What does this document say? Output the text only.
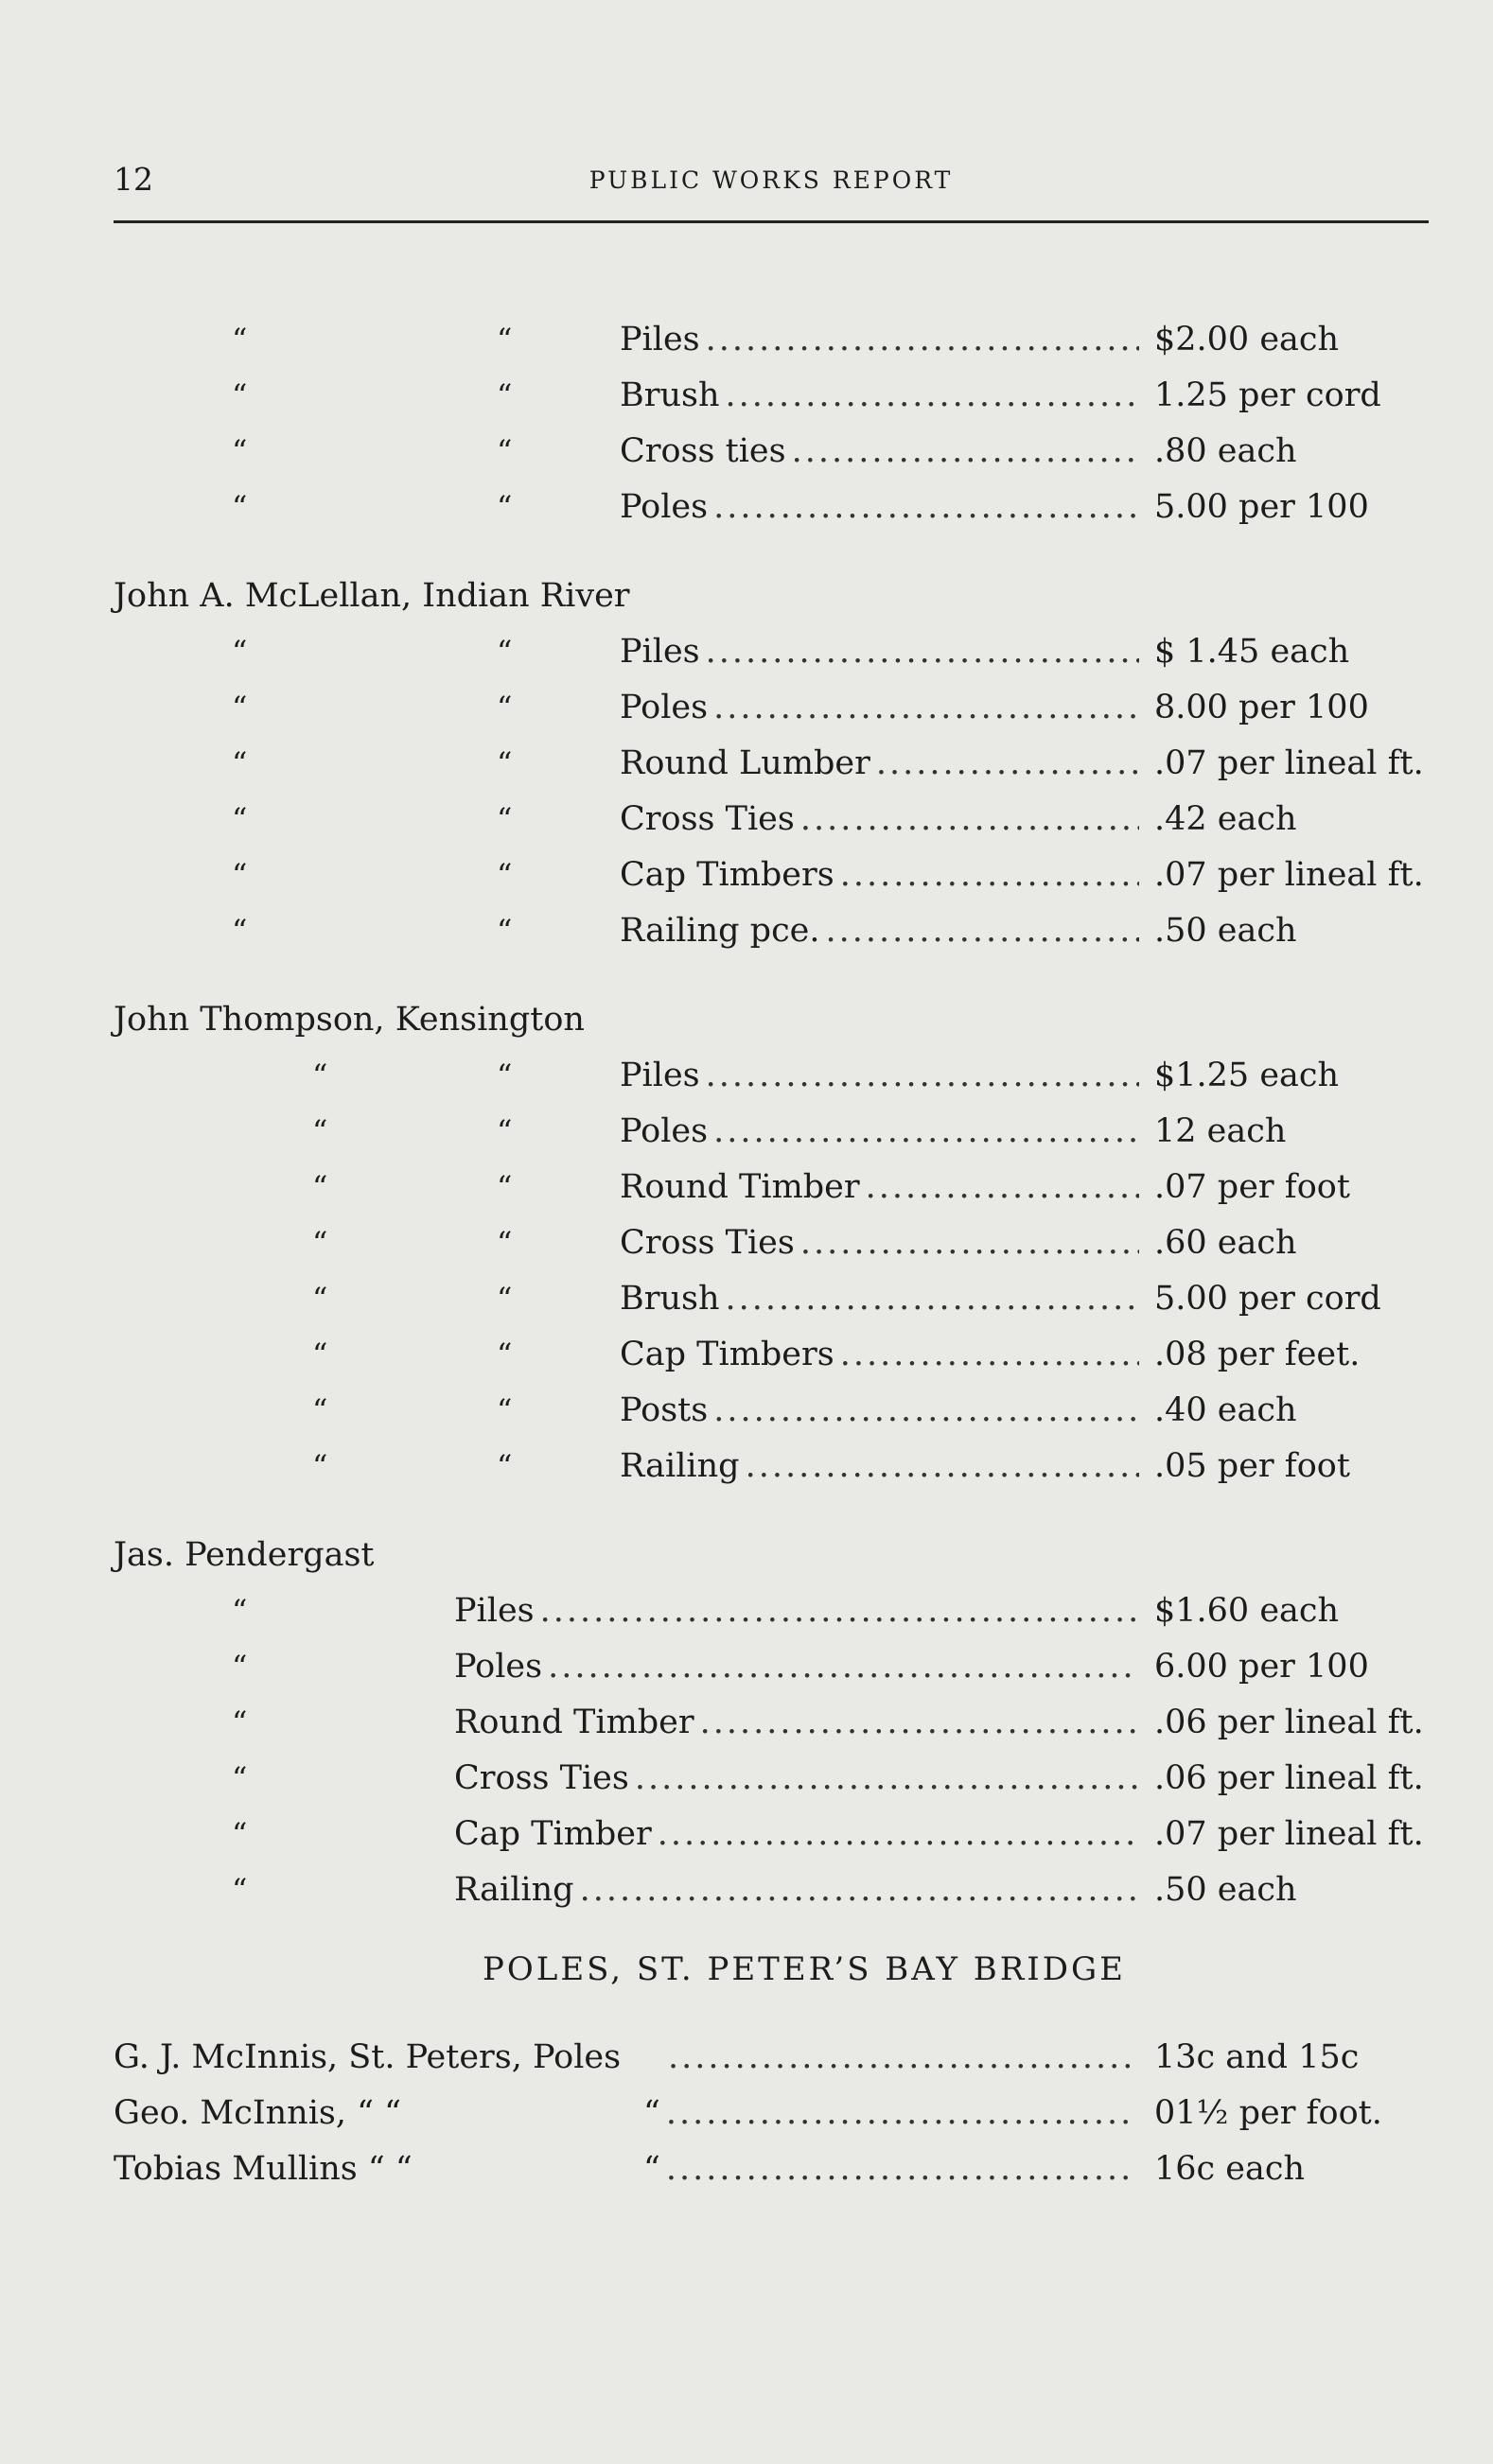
12	PUBLIC WORKS REPORT
“	“	Piles .....	$2.00 each
“	“	Brush .....	1.25 per cord
“	“	Cross ties .....	.80 each
“	“	Poles .....	5.00 per 100
John A. McLellan, Indian River
“	“	Piles .....	$ 1.45 each
“	“	Poles .....	8.00 per 100
“	“	Round Lumber .....	.07 per lineal ft.
“	“	Cross Ties .....	.42 each
“	“	Cap Timbers .....	.07 per lineal ft.
“	“	Railing pce. .....	.50 each
John Thompson, Kensington
“	“	Piles .....	$1.25 each
“	“	Poles .....	12 each
“	“	Round Timber .....	.07 per foot
“	“	Cross Ties .....	.60 each
“	“	Brush .....	5.00 per cord
“	“	Cap Timbers .....	.08 per feet.
“	“	Posts .....	.40 each
“	“	Railing .....	.05 per foot
Jas. Pendergast
“	Piles .....	$1.60 each
“	Poles .....	6.00 per 100
“	Round Timber .....	.06 per lineal ft.
“	Cross Ties .....	.06 per lineal ft.
“	Cap Timber .....	.07 per lineal ft.
“	Railing .....	.50 each
POLES, ST. PETER’S BAY BRIDGE
G. J. McInnis, St. Peters, Poles .....	13c and 15c
Geo. McInnis, “ “	“ .....	01½ per foot.
Tobias Mullins “ “	“ .....	16c each
